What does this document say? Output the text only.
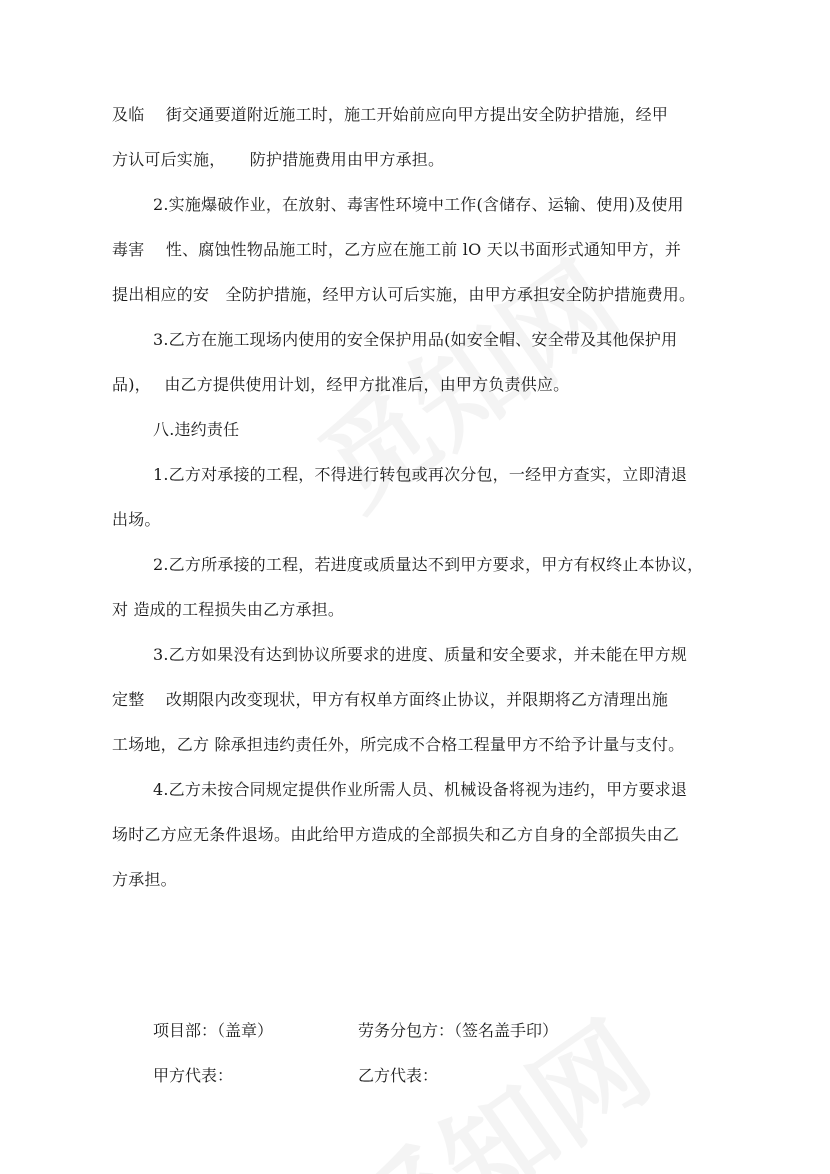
及临　 街交通要道附近施工时，施工开始前应向甲方提出安全防护措施，经甲
方认可后实施，　　防护措施费用由甲方承担。
2.实施爆破作业，在放射、毒害性环境中工作(含储存、运输、使用)及使用
毒害　 性、腐蚀性物品施工时，乙方应在施工前 lO 天以书面形式通知甲方，并
提出相应的安　全防护措施，经甲方认可后实施，由甲方承担安全防护措施费用。
3.乙方在施工现场内使用的安全保护用品(如安全帽、安全带及其他保护用
品)，　 由乙方提供使用计划，经甲方批准后，由甲方负责供应。
八.违约责任
1.乙方对承接的工程，不得进行转包或再次分包，一经甲方查实，立即清退
出场。
2.乙方所承接的工程，若进度或质量达不到甲方要求，甲方有权终止本协议，
对 造成的工程损失由乙方承担。
3.乙方如果没有达到协议所要求的进度、质量和安全要求，并未能在甲方规
定整　 改期限内改变现状，甲方有权单方面终止协议，并限期将乙方清理出施
工场地，乙方 除承担违约责任外，所完成不合格工程量甲方不给予计量与支付。
4.乙方未按合同规定提供作业所需人员、机械设备将视为违约，甲方要求退
场时乙方应无条件退场。由此给甲方造成的全部损失和乙方自身的全部损失由乙
方承担。
项目部：（盖章）	劳务分包方：（签名盖手印）
甲方代表：	乙方代表：
